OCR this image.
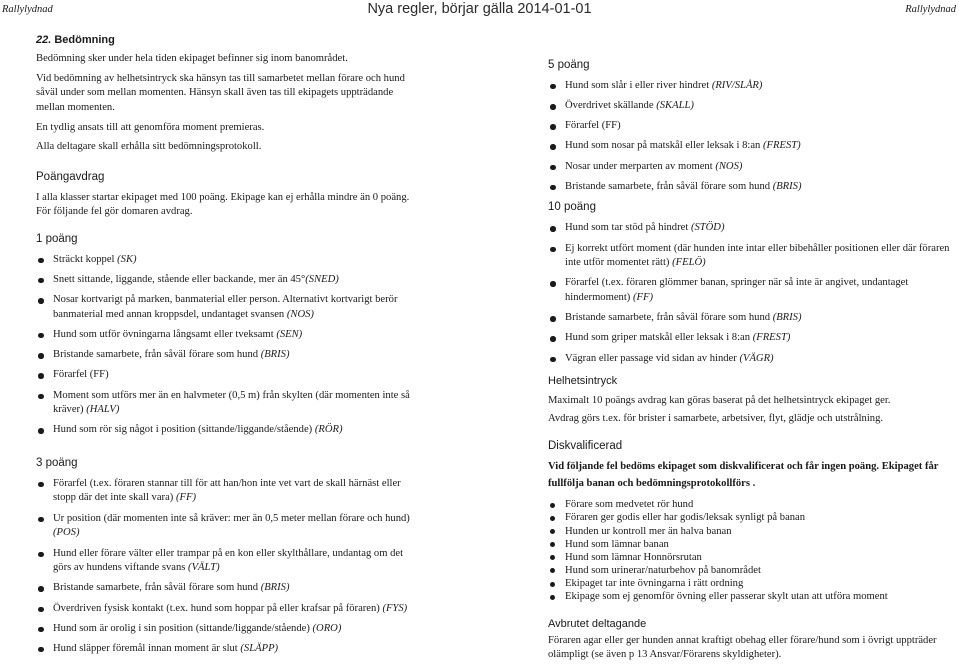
Rallylydnad	Nya regler, börjar gälla 2014-01-01	Rallylydnad
22. Bedömning

Bedömning sker under hela tiden ekipaget befinner sig inom banområdet.

Vid bedömning av helhetsintryck ska hänsyn tas till samarbetet mellan förare och hund såväl under som mellan momenten. Hänsyn skall även tas till ekipagets uppträdande mellan momenten.

En tydlig ansats till att genomföra moment premieras.

Alla deltagare skall erhålla sitt bedömningsprotokoll.

Poängavdrag

I alla klasser startar ekipaget med 100 poäng. Ekipage kan ej erhålla mindre än 0 poäng. För följande fel gör domaren avdrag.

1 poäng
Sträckt koppel (SK)
Snett sittande, liggande, stående eller backande, mer än 45°(SNED)
Nosar kortvarigt på marken, banmaterial eller person. Alternativt kortvarigt berör banmaterial med annan kroppsdel, undantaget svansen (NOS)
Hund som utför övningarna långsamt eller tveksamt (SEN)
Bristande samarbete, från såväl förare som hund (BRIS)
Förarfel (FF)
Moment som utförs mer än en halvmeter (0,5 m) från skylten (där momenten inte så kräver) (HALV)
Hund som rör sig något i position (sittande/liggande/stående) (RÖR)
3 poäng
Förarfel (t.ex. föraren stannar till för att han/hon inte vet vart de skall härnäst eller stopp där det inte skall vara) (FF)
Ur position (där momenten inte så kräver: mer än 0,5 meter mellan förare och hund) (POS)
Hund eller förare välter eller trampar på en kon eller skylthållare, undantag om det görs av hundens viftande svans (VÄLT)
Bristande samarbete, från såväl förare som hund (BRIS)
Överdriven fysisk kontakt (t.ex. hund som hoppar på eller krafsar på föraren) (FYS)
Hund som är orolig i sin position (sittande/liggande/stående) (ORO)
Hund släpper föremål innan moment är slut (SLÄPP)
5 poäng
Hund som slår i eller river hindret (RIV/SLÅR)
Överdrivet skällande (SKALL)
Förarfel (FF)
Hund som nosar på matskål eller leksak i 8:an (FREST)
Nosar under merparten av moment (NOS)
Bristande samarbete, från såväl förare som hund (BRIS)
10 poäng
Hund som tar stöd på hindret (STÖD)
Ej korrekt utfört moment (där hunden inte intar eller bibehåller positionen eller där föraren inte utför momentet rätt) (FELÖ)
Förarfel (t.ex. föraren glömmer banan, springer när så inte är angivet, undantaget hindermoment) (FF)
Bristande samarbete, från såväl förare som hund (BRIS)
Hund som griper matskål eller leksak i 8:an (FREST)
Vägran eller passage vid sidan av hinder (VÄGR)
Helhetsintryck

Maximalt 10 poängs avdrag kan göras baserat på det helhetsintryck ekipaget ger.

Avdrag görs t.ex. för brister i samarbete, arbetsiver, flyt, glädje och utstrålning.

Diskvalificerad

Vid följande fel bedöms ekipaget som diskvalificerat och får ingen poäng. Ekipaget får fullfölja banan och bedömningsprotokollförs .

Förare som medvetet rör hund
Föraren ger godis eller har godis/leksak synligt på banan
Hunden ur kontroll mer än halva banan
Hund som lämnar banan
Hund som lämnar Honnörsrutan
Hund som urinerar/naturbehov på banområdet
Ekipaget tar inte övningarna i rätt ordning
Ekipage som ej genomför övning eller passerar skylt utan att utföra moment
Avbrutet deltagande

Föraren agar eller ger hunden annat kraftigt obehag eller förare/hund som i övrigt uppträder olämpligt (se även p 13 Ansvar/Förarens skyldigheter).
